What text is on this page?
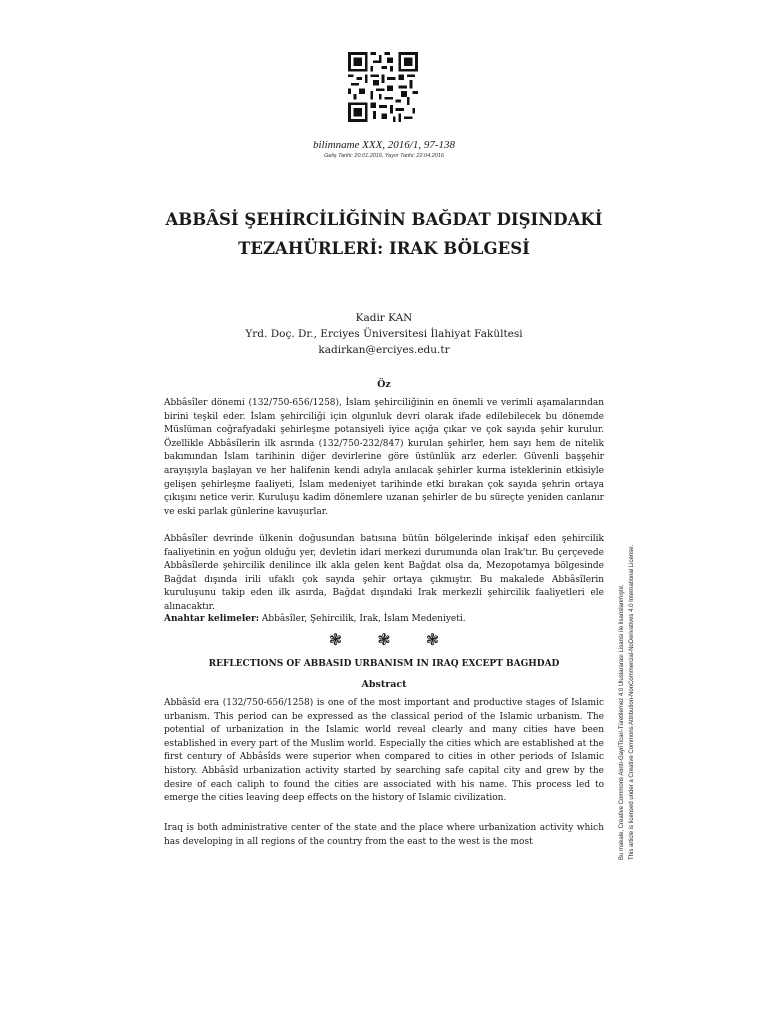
bilimname XXX, 2016/1, 97-138
Geliş Tarihi: 20.01.2016, Yayın Tarihi: 22.04.2016
ABBÂSİ ŞEHİRCİLİĞİNİN BAĞDAT DIŞINDAKİ
TEZAHÜRLERİ: IRAK BÖLGESİ
Kadir KAN
Yrd. Doç. Dr., Erciyes Üniversitesi İlahiyat Fakültesi
kadirkan@erciyes.edu.tr
Öz

Abbâsîler dönemi (132/750-656/1258), İslam şehirciliğinin en önemli ve verimli aşamalarından birini teşkil eder. İslam şehirciliği için olgunluk devri olarak ifade edilebilecek bu dönemde Müslüman coğrafyadaki şehirleşme potansiyeli iyice açığa çıkar ve çok sayıda şehir kurulur. Özellikle Abbâsîlerin ilk asrında (132/750-232/847) kurulan şehirler, hem sayı hem de nitelik bakımından İslam tarihinin diğer devirlerine göre üstünlük arz ederler. Güvenli başşehir arayışıyla başlayan ve her halifenin kendi adıyla anılacak şehirler kurma isteklerinin etkisiyle gelişen şehirleşme faaliyeti, İslam medeniyet tarihinde etki bırakan çok sayıda şehrin ortaya çıkışını netice verir. Kuruluşu kadim dönemlere uzanan şehirler de bu süreçte yeniden canlanır ve eski parlak günlerine kavuşurlar.

Abbâsîler devrinde ülkenin doğusundan batısına bütün bölgelerinde inkişaf eden şehircilik faaliyetinin en yoğun olduğu yer, devletin idari merkezi durumunda olan Irak'tır. Bu çerçevede Abbâsîlerde şehircilik denilince ilk akla gelen kent Bağdat olsa da, Mezopotamya bölgesinde Bağdat dışında irili ufaklı çok sayıda şehir ortaya çıkmıştır. Bu makalede Abbâsîlerin kuruluşunu takip eden ilk asırda, Bağdat dışındaki Irak merkezli şehircilik faaliyetleri ele alınacaktır.

Anahtar kelimeler: Abbâsîler, Şehircilik, Irak, İslam Medeniyeti.
❃ ❃ ❃
REFLECTIONS OF ABBASID URBANISM IN IRAQ EXCEPT BAGHDAD
Abstract

Abbâsîd era (132/750-656/1258) is one of the most important and productive stages of Islamic urbanism. This period can be expressed as the classical period of the Islamic urbanism. The potential of urbanization in the Islamic world reveal clearly and many cities have been established in every part of the Muslim world. Especially the cities which are established at the first century of Abbâsîds were superior when compared to cities in other periods of Islamic history. Abbâsîd urbanization activity started by searching safe capital city and grew by the desire of each caliph to found the cities are associated with his name. This process led to emerge the cities leaving deep effects on the history of Islamic civilization.

Iraq is both administrative center of the state and the place where urbanization activity which has developing in all regions of the country from the east to the west is the most	Bu makale, Creative Commons Alıntı-GayriTicari-Türetilemez 4.0 Uluslararası Lisansı ile lisanslanmıştır. This article is licensed under a Creative Commons Attribution-NonCommercial-NoDerivatives 4.0 International License.
